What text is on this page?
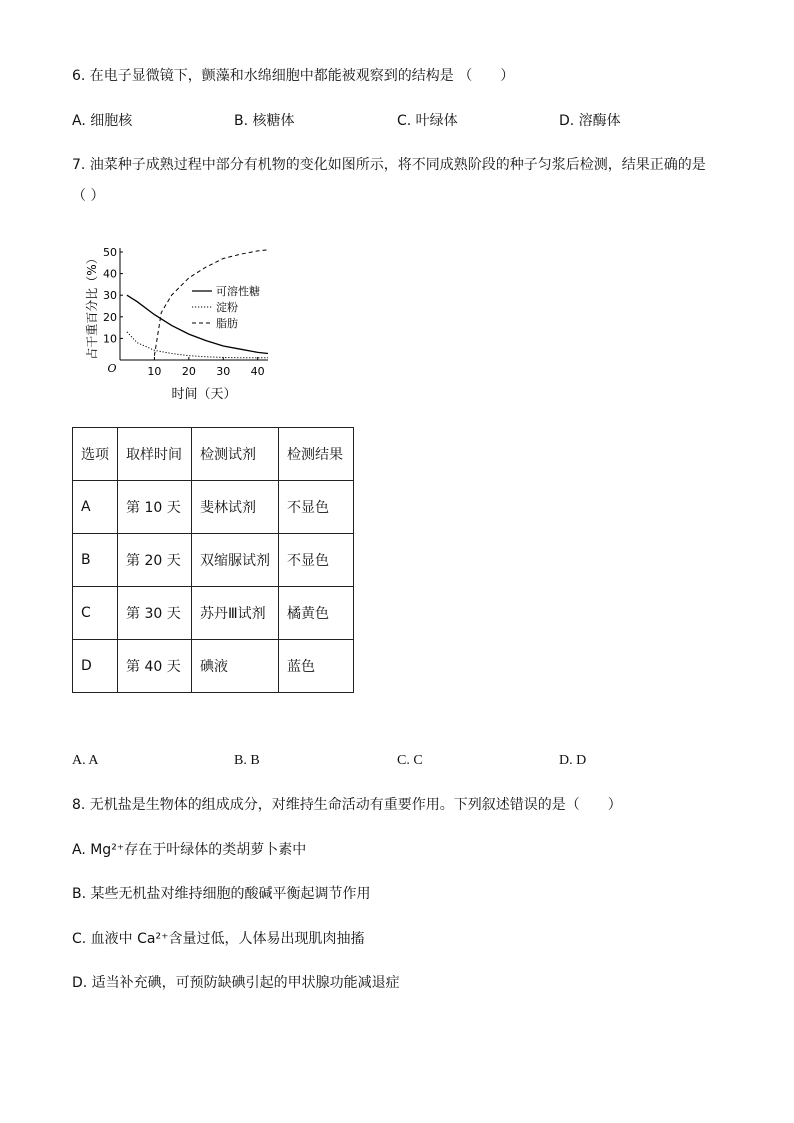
6. 在电子显微镜下，颤藻和水绵细胞中都能被观察到的结构是 （　　）
A. 细胞核	B. 核糖体	C. 叶绿体	D. 溶酶体
7. 油菜种子成熟过程中部分有机物的变化如图所示，将不同成熟阶段的种子匀浆后检测，结果正确的是
（ ）
10
20
30
40
50
10 20 30 40
O
可溶性糖
淀粉
脂肪
时间（天）
占干重百分比（%）
选项	取样时间	检测试剂	检测结果
A	第 10 天	斐林试剂	不显色
B	第 20 天	双缩脲试剂	不显色
C	第 30 天	苏丹Ⅲ试剂	橘黄色
D	第 40 天	碘液	蓝色
A. A	B. B	C. C	D. D
8. 无机盐是生物体的组成成分，对维持生命活动有重要作用。下列叙述错误的是（　　）
A. Mg²⁺存在于叶绿体的类胡萝卜素中
B. 某些无机盐对维持细胞的酸碱平衡起调节作用
C. 血液中 Ca²⁺含量过低，人体易出现肌肉抽搐
D. 适当补充碘，可预防缺碘引起的甲状腺功能减退症
